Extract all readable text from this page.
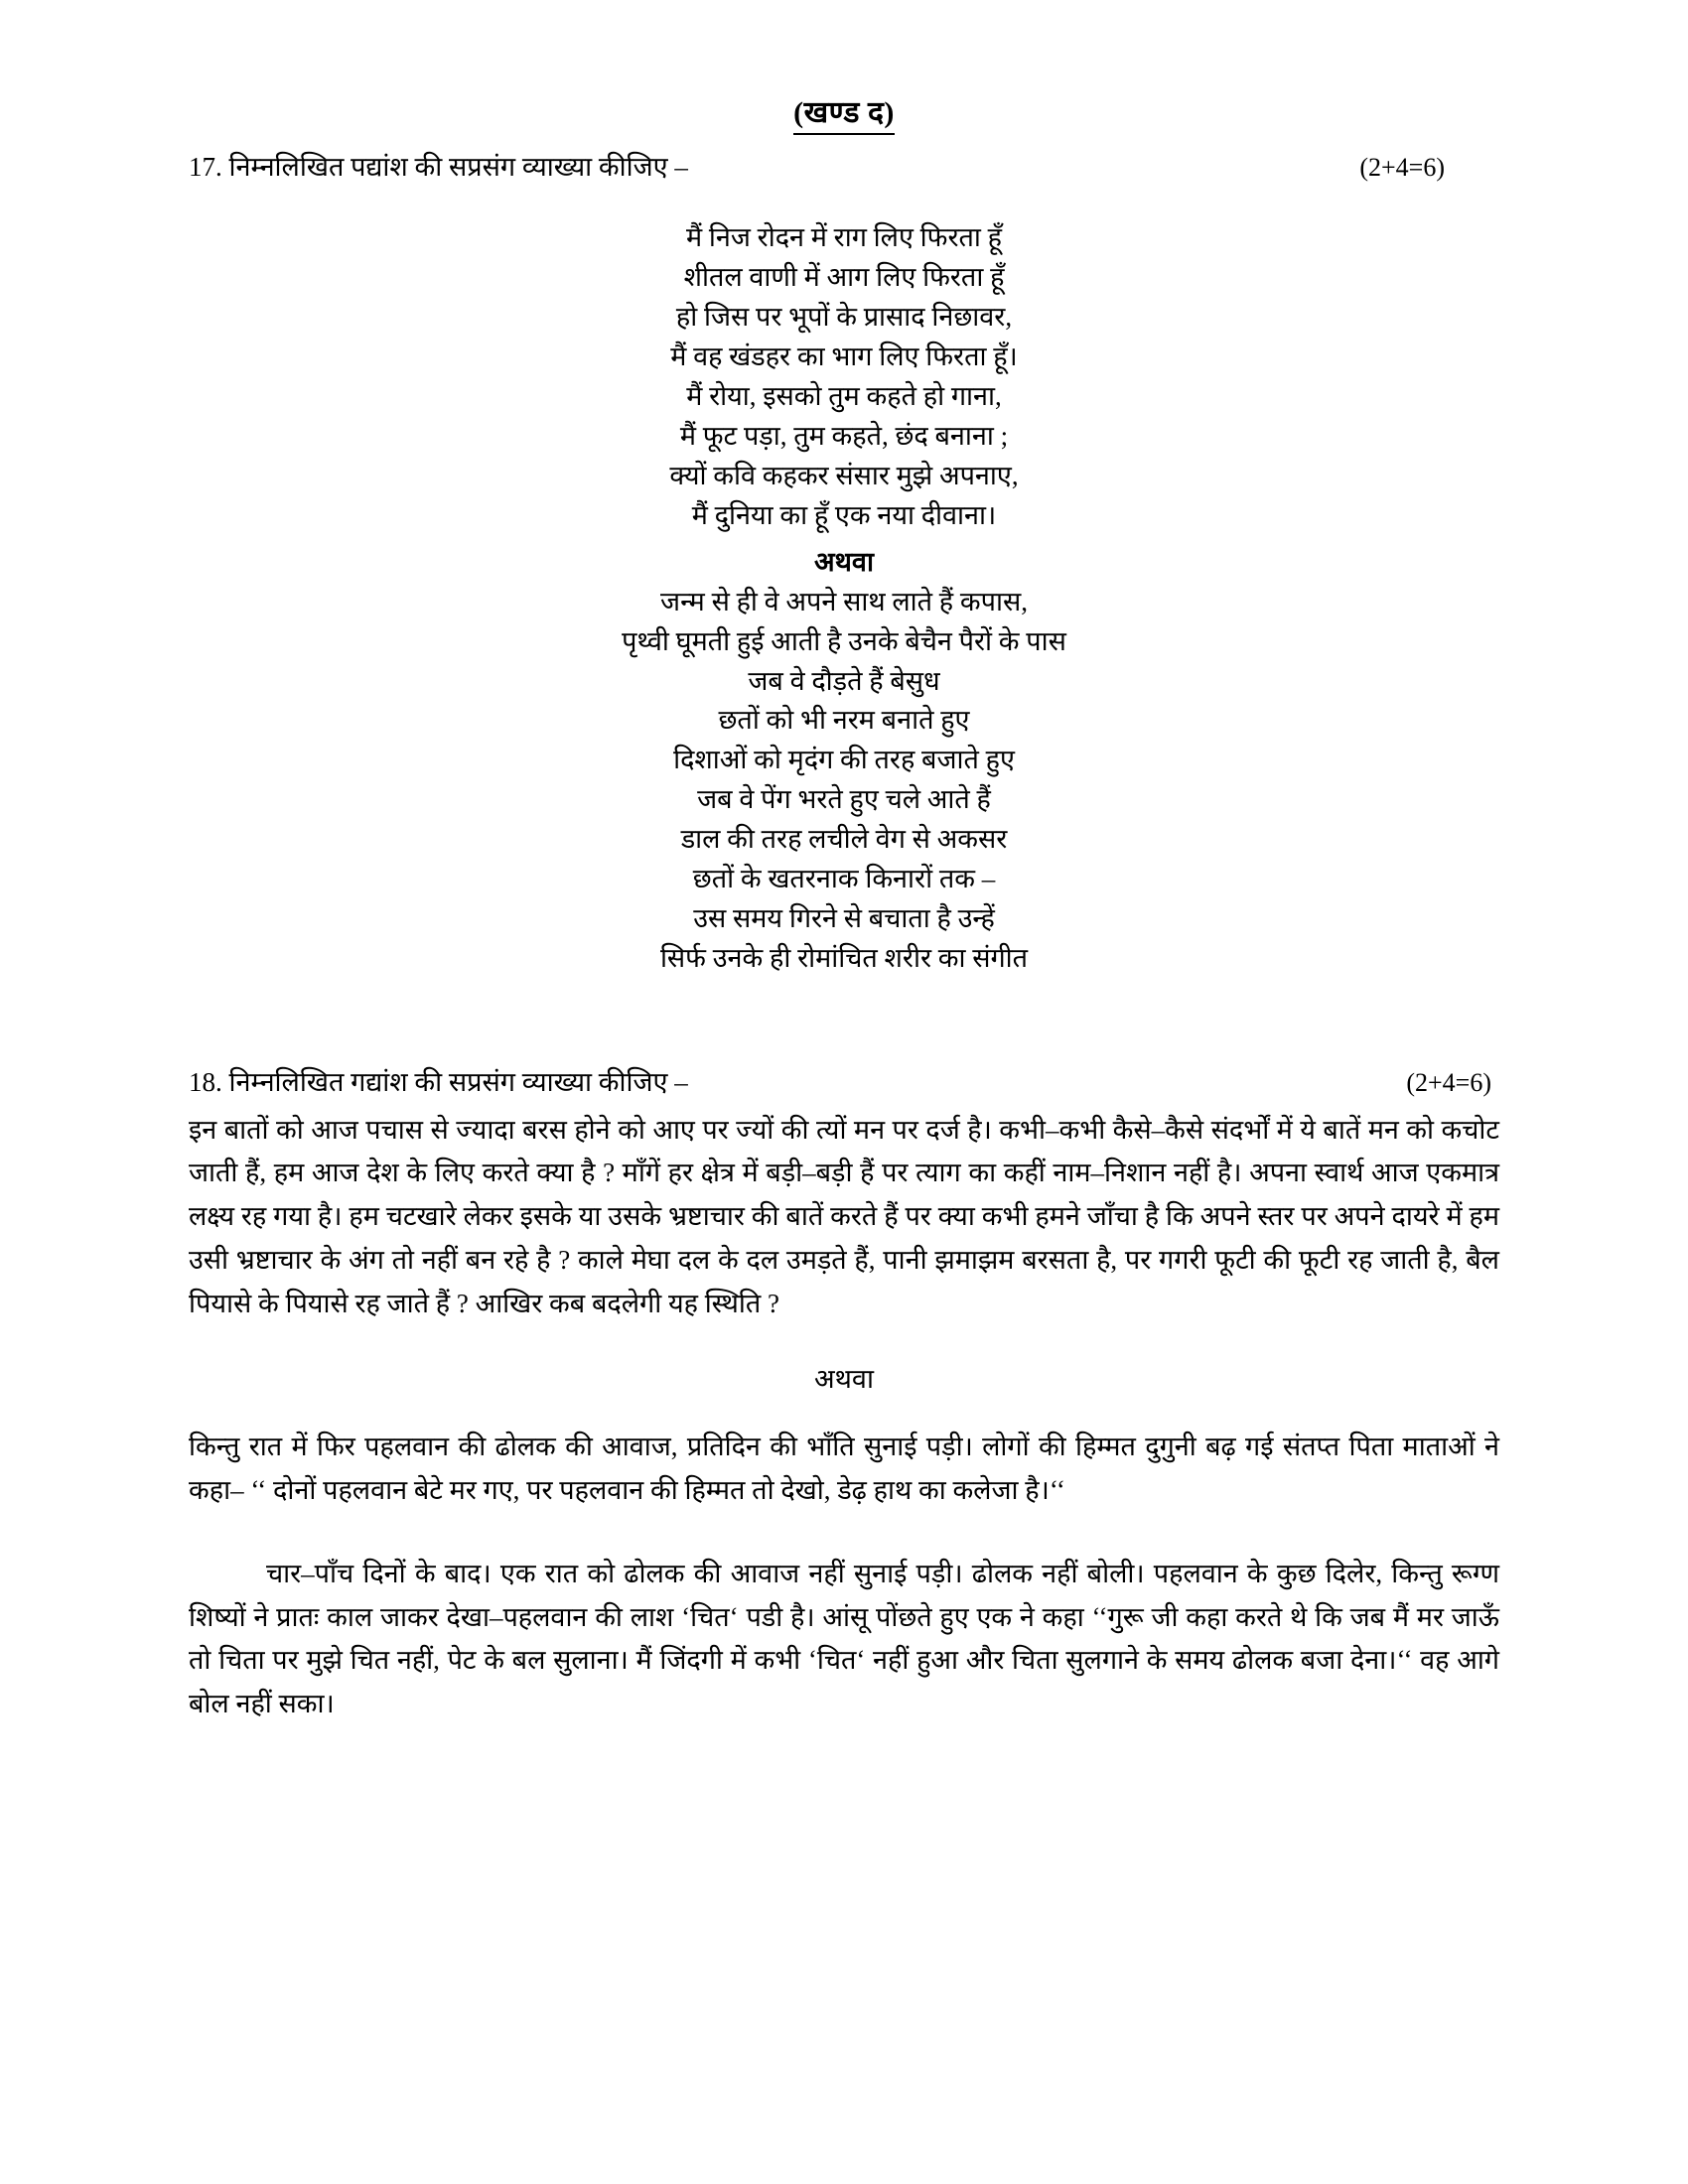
(खण्ड द)
17. निम्नलिखित पद्यांश की सप्रसंग व्याख्या कीजिए –	(2+4=6)
मैं निज रोदन में राग लिए फिरता हूँ
शीतल वाणी में आग लिए फिरता हूँ
हो जिस पर भूपों के प्रासाद निछावर,
मैं वह खंडहर का भाग लिए फिरता हूँ।
मैं रोया, इसको तुम कहते हो गाना,
मैं फूट पड़ा, तुम कहते, छंद बनाना ;
क्यों कवि कहकर संसार मुझे अपनाए,
मैं दुनिया का हूँ एक नया दीवाना।
अथवा
जन्म से ही वे अपने साथ लाते हैं कपास,
पृथ्वी घूमती हुई आती है उनके बेचैन पैरों के पास
जब वे दौड़ते हैं बेसुध
छतों को भी नरम बनाते हुए
दिशाओं को मृदंग की तरह बजाते हुए
जब वे पेंग भरते हुए चले आते हैं
डाल की तरह लचीले वेग से अकसर
छतों के खतरनाक किनारों तक –
उस समय गिरने से बचाता है उन्हें
सिर्फ उनके ही रोमांचित शरीर का संगीत
18. निम्नलिखित गद्यांश की सप्रसंग व्याख्या कीजिए –	(2+4=6)

इन बातों को आज पचास से ज्यादा बरस होने को आए पर ज्यों की त्यों मन पर दर्ज है। कभी–कभी कैसे–कैसे संदर्भों में ये बातें मन को कचोट जाती हैं, हम आज देश के लिए करते क्या है ? माँगें हर क्षेत्र में बड़ी–बड़ी हैं पर त्याग का कहीं नाम–निशान नहीं है। अपना स्वार्थ आज एकमात्र लक्ष्य रह गया है। हम चटखारे लेकर इसके या उसके भ्रष्टाचार की बातें करते हैं पर क्या कभी हमने जाँचा है कि अपने स्तर पर अपने दायरे में हम उसी भ्रष्टाचार के अंग तो नहीं बन रहे है ? काले मेघा दल के दल उमड़ते हैं, पानी झमाझम बरसता है, पर गगरी फूटी की फूटी रह जाती है, बैल पियासे के पियासे रह जाते हैं ? आखिर कब बदलेगी यह स्थिति ?

अथवा

किन्तु रात में फिर पहलवान की ढोलक की आवाज, प्रतिदिन की भाँति सुनाई पड़ी। लोगों की हिम्मत दुगुनी बढ़ गई संतप्त पिता माताओं ने कहा– ‘‘ दोनों पहलवान बेटे मर गए, पर पहलवान की हिम्मत तो देखो, डेढ़ हाथ का कलेजा है।‘‘

चार–पाँच दिनों के बाद। एक रात को ढोलक की आवाज नहीं सुनाई पड़ी। ढोलक नहीं बोली। पहलवान के कुछ दिलेर, किन्तु रूग्ण शिष्यों ने प्रातः काल जाकर देखा–पहलवान की लाश ‘चित‘ पडी है। आंसू पोंछते हुए एक ने कहा ‘‘गुरू जी कहा करते थे कि जब मैं मर जाऊँ तो चिता पर मुझे चित नहीं, पेट के बल सुलाना। मैं जिंदगी में कभी ‘चित‘ नहीं हुआ और चिता सुलगाने के समय ढोलक बजा देना।‘‘ वह आगे बोल नहीं सका।
